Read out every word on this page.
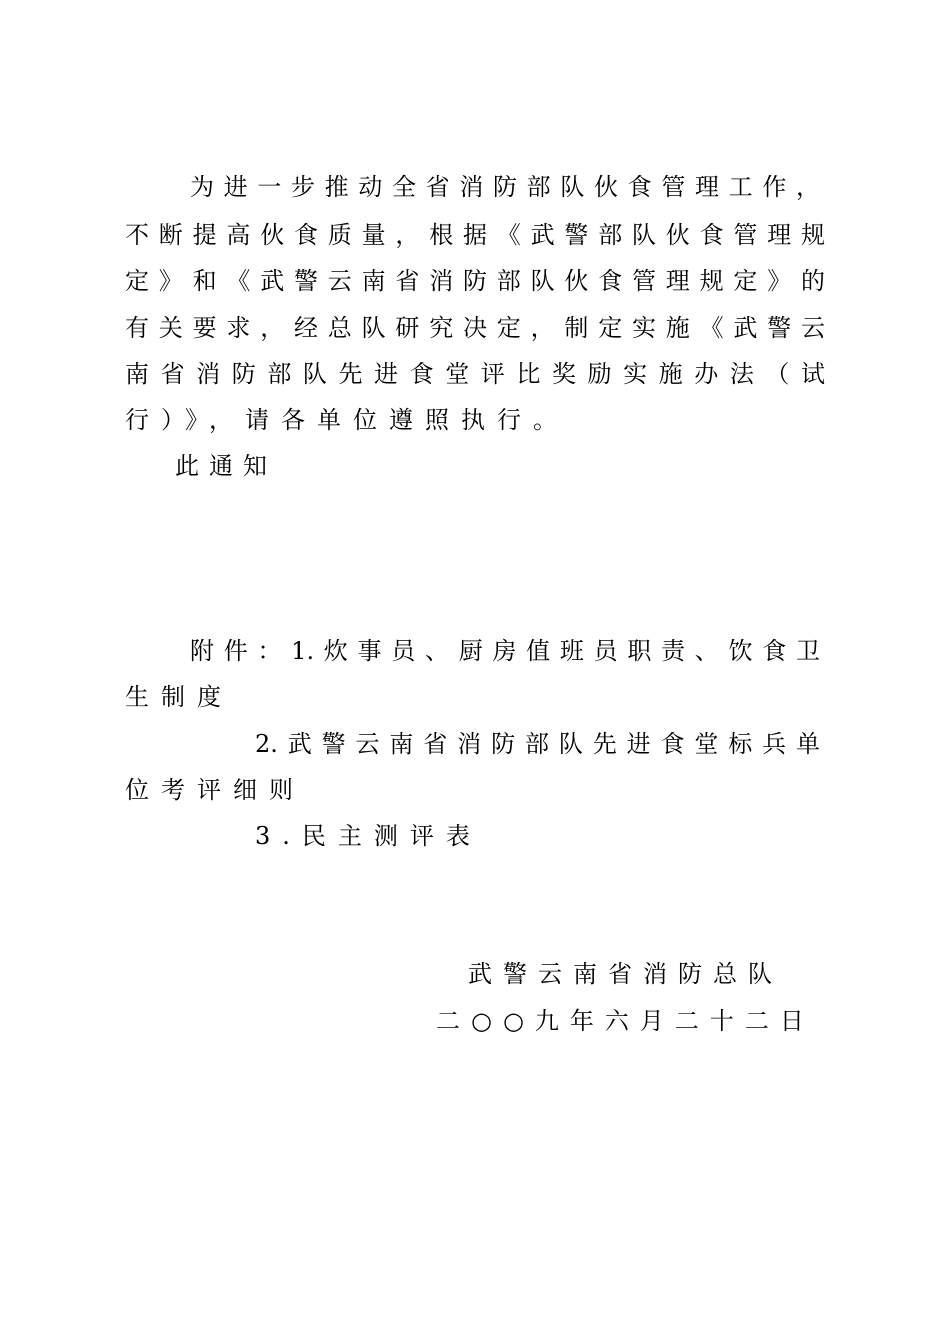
为进一步推动全省消防部队伙食管理工作，
不断提高伙食质量，根据《武警部队伙食管理规
定》和《武警云南省消防部队伙食管理规定》的
有关要求，经总队研究决定，制定实施《武警云
南省消防部队先进食堂评比奖励实施办法（试
行）》，请各单位遵照执行。
此通知
附件：1.炊事员、厨房值班员职责、饮食卫
生制度
2.武警云南省消防部队先进食堂标兵单
位考评细则
3.民主测评表
武警云南省消防总队
二○○九年六月二十二日
